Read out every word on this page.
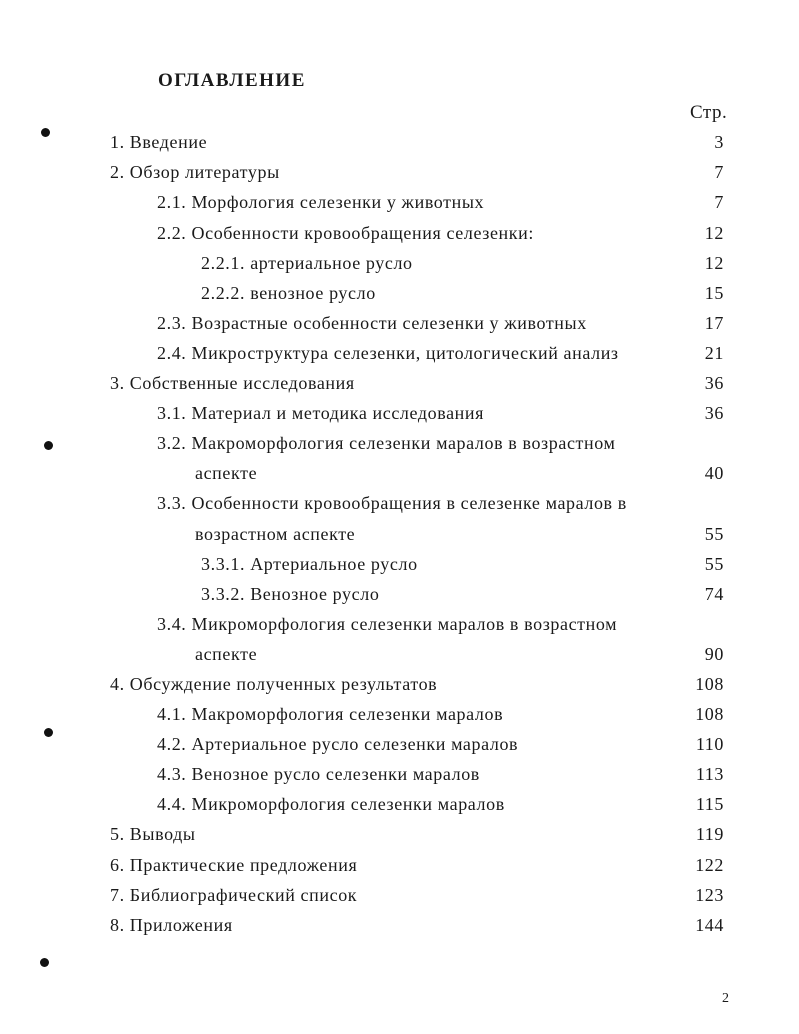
ОГЛАВЛЕНИЕ
Стр.
1. Введение	3
2. Обзор литературы	7
2.1. Морфология селезенки у животных	7
2.2. Особенности кровообращения селезенки:	12
2.2.1. артериальное русло	12
2.2.2. венозное русло	15
2.3. Возрастные особенности селезенки у животных	17
2.4. Микроструктура селезенки, цитологический анализ	21
3. Собственные исследования	36
3.1. Материал и методика исследования	36
3.2. Макроморфология селезенки маралов в возрастном
аспекте	40
3.3. Особенности кровообращения в селезенке маралов в
возрастном аспекте	55
3.3.1. Артериальное русло	55
3.3.2. Венозное русло	74
3.4. Микроморфология селезенки маралов в возрастном
аспекте	90
4. Обсуждение полученных результатов	108
4.1. Макроморфология селезенки маралов	108
4.2. Артериальное русло селезенки маралов	110
4.3. Венозное русло селезенки маралов	113
4.4. Микроморфология селезенки маралов	115
5. Выводы	119
6. Практические предложения	122
7. Библиографический список	123
8. Приложения	144
2
